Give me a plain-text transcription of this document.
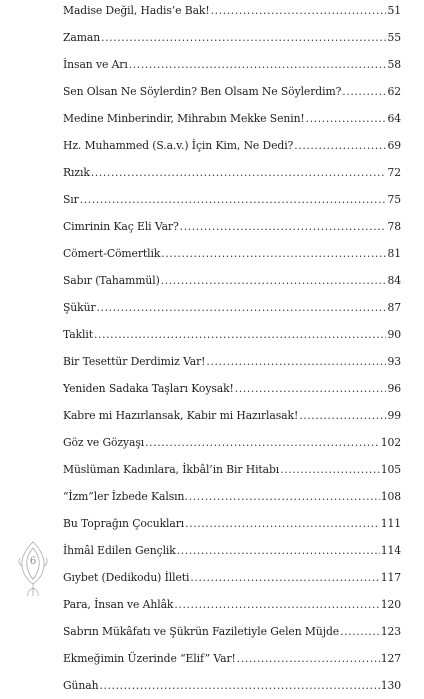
Madise Değil, Hadis’e Bak! .....	51
Zaman .....	55
İnsan ve Arı .....	58
Sen Olsan Ne Söylerdin? Ben Olsam Ne Söylerdim? .....	62
Medine Minberindir, Mihrabın Mekke Senin! .....	64
Hz. Muhammed (S.a.v.) İçin Kim, Ne Dedi? .....	69
Rızık .....	72
Sır .....	75
Cimrinin Kaç Eli Var? .....	78
Cömert-Cömertlik .....	81
Sabır (Tahammül) .....	84
Şükür .....	87
Taklit .....	90
Bir Tesettür Derdimiz Var! .....	93
Yeniden Sadaka Taşları Koysak! .....	96
Kabre mi Hazırlansak, Kabir mi Hazırlasak! .....	99
Göz ve Gözyaşı .....	102
Müslüman Kadınlara, İkbâl’in Bir Hitabı .....	105
“İzm”ler İzbede Kalsın. .....	108
Bu Toprağın Çocukları .....	111
İhmâl Edilen Gençlik .....	114
Gıybet (Dedikodu) İlleti .....	117
Para, İnsan ve Ahlâk .....	120
Sabrın Mükâfatı ve Şükrün Faziletiyle Gelen Müjde .....	123
Ekmeğimin Üzerinde “Elif” Var! .....	127
Günah .....	130
6
